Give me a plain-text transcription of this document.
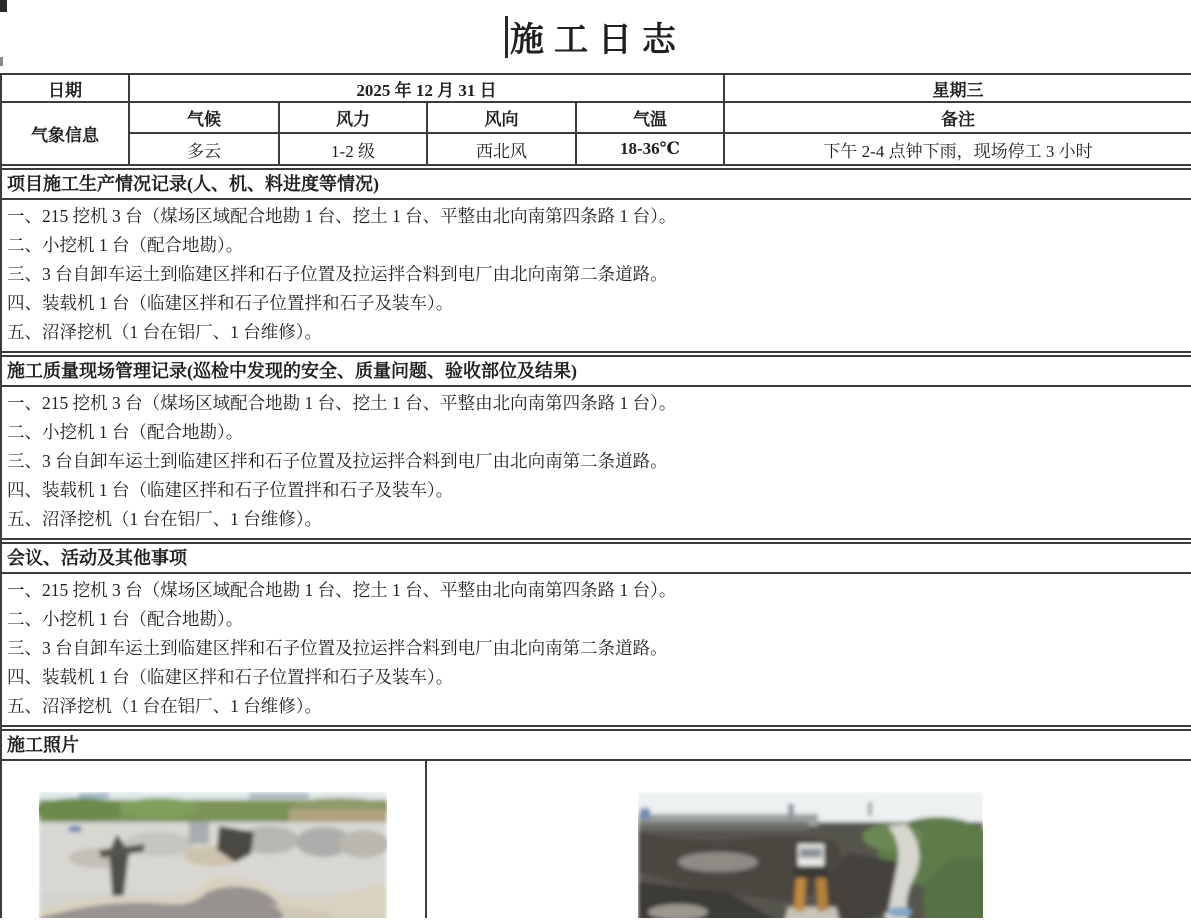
施工日志
日期	2025 年 12 月 31 日	星期三
气象信息
气候	风力	风向	气温	备注
多云	1-2 级	西北风	18-36℃	下午 2-4 点钟下雨，现场停工 3 小时
项目施工生产情况记录(人、机、料进度等情况)
一、215 挖机 3 台（煤场区域配合地勘 1 台、挖土 1 台、平整由北向南第四条路 1 台）。
二、小挖机 1 台（配合地勘）。
三、3 台自卸车运土到临建区拌和石子位置及拉运拌合料到电厂由北向南第二条道路。
四、装载机 1 台（临建区拌和石子位置拌和石子及装车）。
五、沼泽挖机（1 台在铝厂、1 台维修）。
施工质量现场管理记录(巡检中发现的安全、质量问题、验收部位及结果)
一、215 挖机 3 台（煤场区域配合地勘 1 台、挖土 1 台、平整由北向南第四条路 1 台）。
二、小挖机 1 台（配合地勘）。
三、3 台自卸车运土到临建区拌和石子位置及拉运拌合料到电厂由北向南第二条道路。
四、装载机 1 台（临建区拌和石子位置拌和石子及装车）。
五、沼泽挖机（1 台在铝厂、1 台维修）。
会议、活动及其他事项
一、215 挖机 3 台（煤场区域配合地勘 1 台、挖土 1 台、平整由北向南第四条路 1 台）。
二、小挖机 1 台（配合地勘）。
三、3 台自卸车运土到临建区拌和石子位置及拉运拌合料到电厂由北向南第二条道路。
四、装载机 1 台（临建区拌和石子位置拌和石子及装车）。
五、沼泽挖机（1 台在铝厂、1 台维修）。
施工照片
